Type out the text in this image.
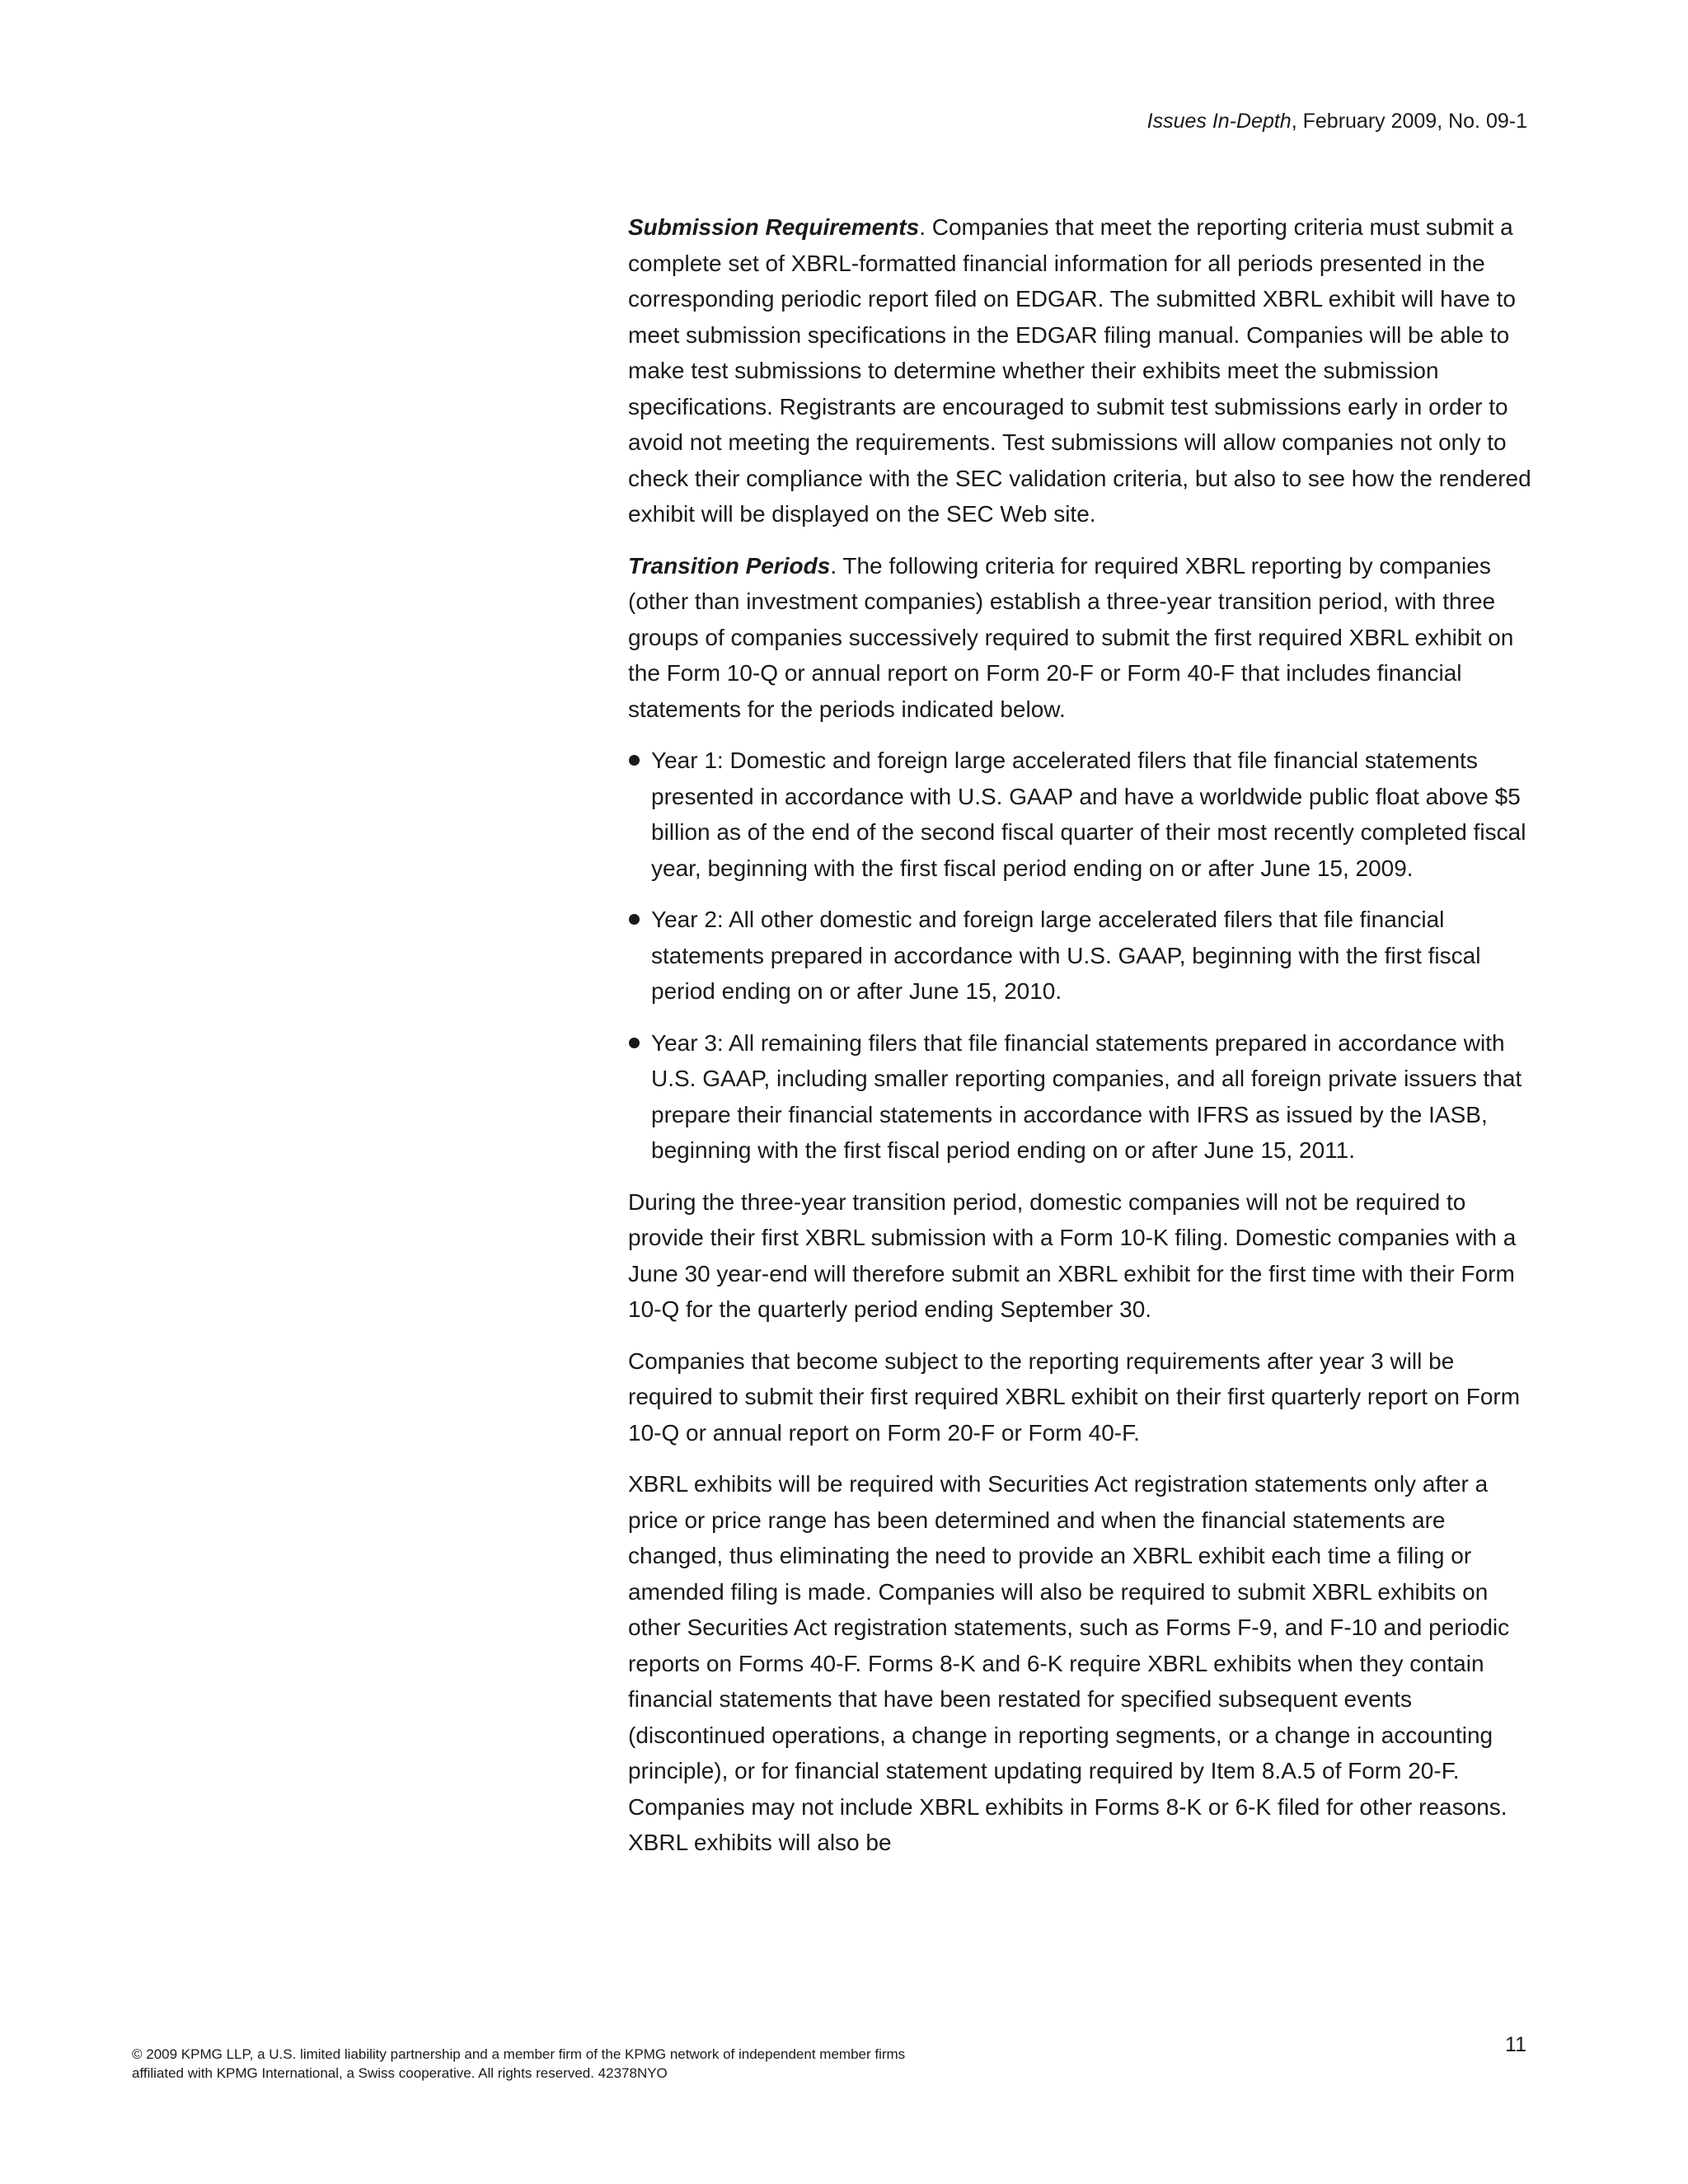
Issues In-Depth, February 2009, No. 09-1

Submission Requirements. Companies that meet the reporting criteria must submit a complete set of XBRL-formatted financial information for all periods presented in the corresponding periodic report filed on EDGAR. The submitted XBRL exhibit will have to meet submission specifications in the EDGAR filing manual. Companies will be able to make test submissions to determine whether their exhibits meet the submission specifications. Registrants are encouraged to submit test submissions early in order to avoid not meeting the requirements. Test submissions will allow companies not only to check their compliance with the SEC validation criteria, but also to see how the rendered exhibit will be displayed on the SEC Web site.

Transition Periods. The following criteria for required XBRL reporting by companies (other than investment companies) establish a three-year transition period, with three groups of companies successively required to submit the first required XBRL exhibit on the Form 10-Q or annual report on Form 20-F or Form 40-F that includes financial statements for the periods indicated below.

Year 1: Domestic and foreign large accelerated filers that file financial statements presented in accordance with U.S. GAAP and have a worldwide public float above $5 billion as of the end of the second fiscal quarter of their most recently completed fiscal year, beginning with the first fiscal period ending on or after June 15, 2009.
Year 2: All other domestic and foreign large accelerated filers that file financial statements prepared in accordance with U.S. GAAP, beginning with the first fiscal period ending on or after June 15, 2010.
Year 3: All remaining filers that file financial statements prepared in accordance with U.S. GAAP, including smaller reporting companies, and all foreign private issuers that prepare their financial statements in accordance with IFRS as issued by the IASB, beginning with the first fiscal period ending on or after June 15, 2011.

During the three-year transition period, domestic companies will not be required to provide their first XBRL submission with a Form 10-K filing. Domestic companies with a June 30 year-end will therefore submit an XBRL exhibit for the first time with their Form 10-Q for the quarterly period ending September 30.

Companies that become subject to the reporting requirements after year 3 will be required to submit their first required XBRL exhibit on their first quarterly report on Form 10-Q or annual report on Form 20-F or Form 40-F.

XBRL exhibits will be required with Securities Act registration statements only after a price or price range has been determined and when the financial statements are changed, thus eliminating the need to provide an XBRL exhibit each time a filing or amended filing is made. Companies will also be required to submit XBRL exhibits on other Securities Act registration statements, such as Forms F-9, and F-10 and periodic reports on Forms 40-F. Forms 8-K and 6-K require XBRL exhibits when they contain financial statements that have been restated for specified subsequent events (discontinued operations, a change in reporting segments, or a change in accounting principle), or for financial statement updating required by Item 8.A.5 of Form 20-F. Companies may not include XBRL exhibits in Forms 8-K or 6-K filed for other reasons. XBRL exhibits will also be

© 2009 KPMG LLP, a U.S. limited liability partnership and a member firm of the KPMG network of independent member firms
affiliated with KPMG International, a Swiss cooperative. All rights reserved. 42378NYO
11
